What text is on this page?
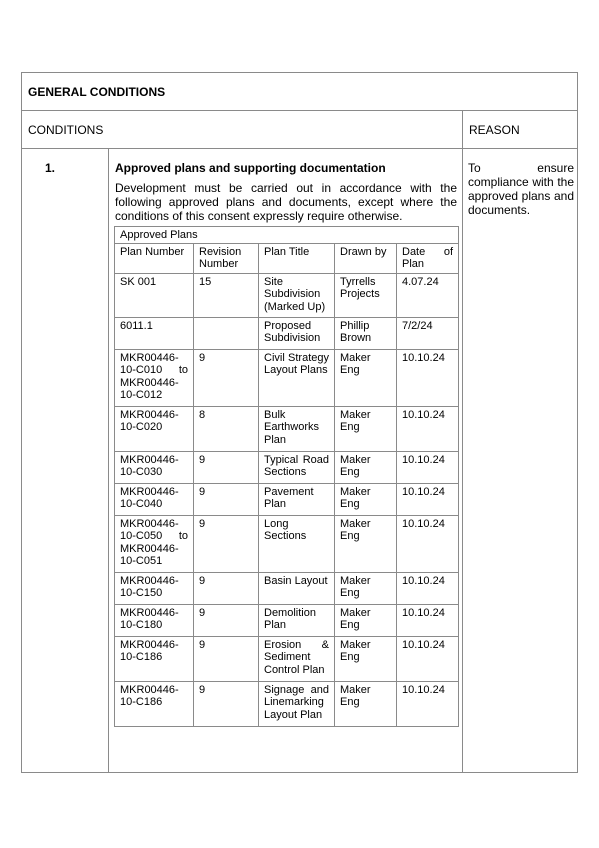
GENERAL CONDITIONS
CONDITIONS	REASON
1.	Approved plans and supporting documentation
Development must be carried out in accordance with the following approved plans and documents, except where the conditions of this consent expressly require otherwise.
To ensure compliance with the approved plans and documents.
Approved Plans				
Plan Number	Revision Number	Plan Title	Drawn by	Date of Plan
SK 001	15	Site Subdivision (Marked Up)	Tyrrells Projects	4.07.24
6011.1		Proposed Subdivision	Phillip Brown	7/2/24
MKR00446-10-C010 to MKR00446-10-C012	9	Civil Strategy Layout Plans	Maker Eng	10.10.24
MKR00446-10-C020	8	Bulk Earthworks Plan	Maker Eng	10.10.24
MKR00446-10-C030	9	Typical Road Sections	Maker Eng	10.10.24
MKR00446-10-C040	9	Pavement Plan	Maker Eng	10.10.24
MKR00446-10-C050 to MKR00446-10-C051	9	Long Sections	Maker Eng	10.10.24
MKR00446-10-C150	9	Basin Layout	Maker Eng	10.10.24
MKR00446-10-C180	9	Demolition Plan	Maker Eng	10.10.24
MKR00446-10-C186	9	Erosion & Sediment Control Plan	Maker Eng	10.10.24
MKR00446-10-C186	9	Signage and Linemarking Layout Plan	Maker Eng	10.10.24
